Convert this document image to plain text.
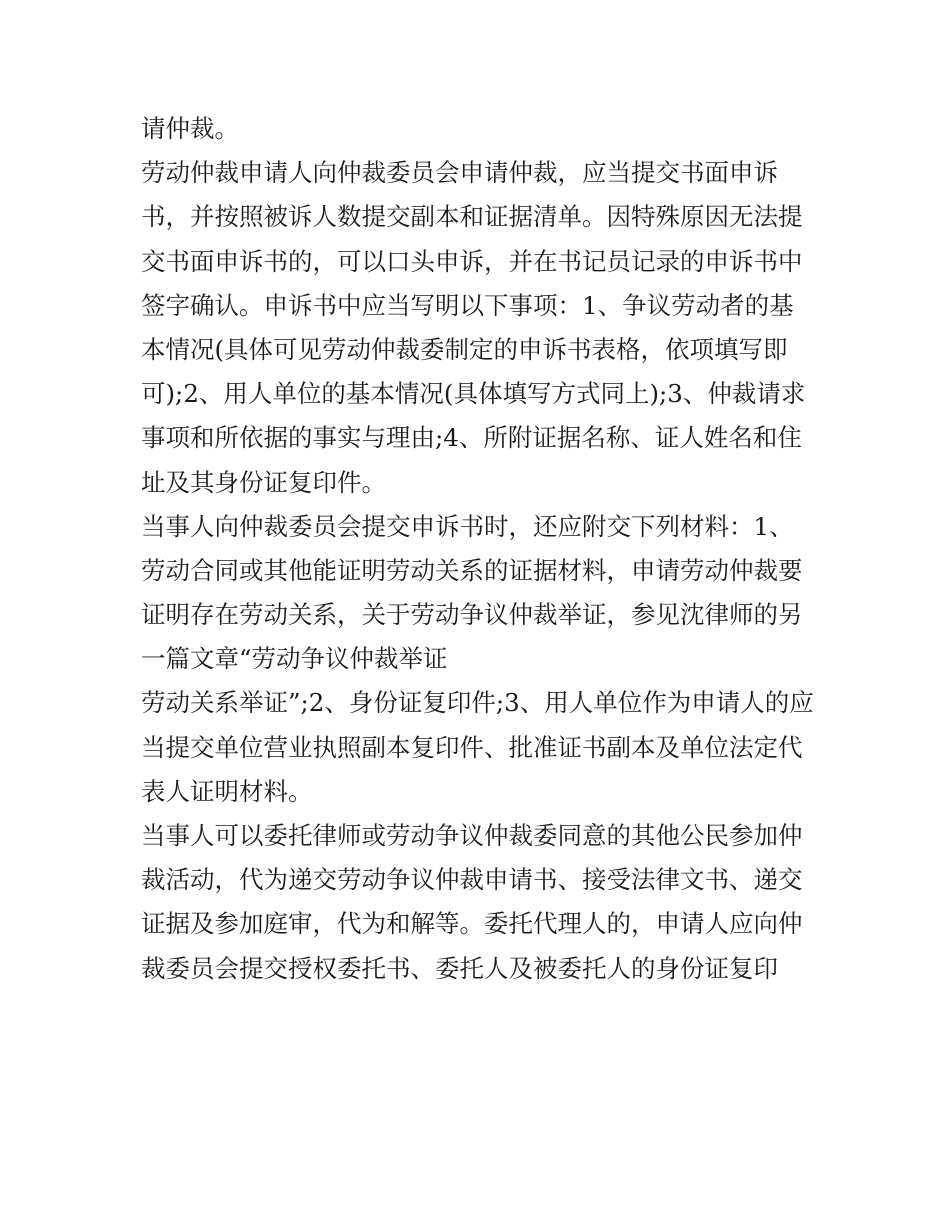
请仲裁。
劳动仲裁申请人向仲裁委员会申请仲裁，应当提交书面申诉
书，并按照被诉人数提交副本和证据清单。因特殊原因无法提
交书面申诉书的，可以口头申诉，并在书记员记录的申诉书中
签字确认。申诉书中应当写明以下事项：1、争议劳动者的基
本情况(具体可见劳动仲裁委制定的申诉书表格，依项填写即
可);2、用人单位的基本情况(具体填写方式同上);3、仲裁请求
事项和所依据的事实与理由;4、所附证据名称、证人姓名和住
址及其身份证复印件。
当事人向仲裁委员会提交申诉书时，还应附交下列材料：1、
劳动合同或其他能证明劳动关系的证据材料，申请劳动仲裁要
证明存在劳动关系，关于劳动争议仲裁举证，参见沈律师的另
一篇文章“劳动争议仲裁举证
劳动关系举证”;2、身份证复印件;3、用人单位作为申请人的应
当提交单位营业执照副本复印件、批准证书副本及单位法定代
表人证明材料。
当事人可以委托律师或劳动争议仲裁委同意的其他公民参加仲
裁活动，代为递交劳动争议仲裁申请书、接受法律文书、递交
证据及参加庭审，代为和解等。委托代理人的，申请人应向仲
裁委员会提交授权委托书、委托人及被委托人的身份证复印
